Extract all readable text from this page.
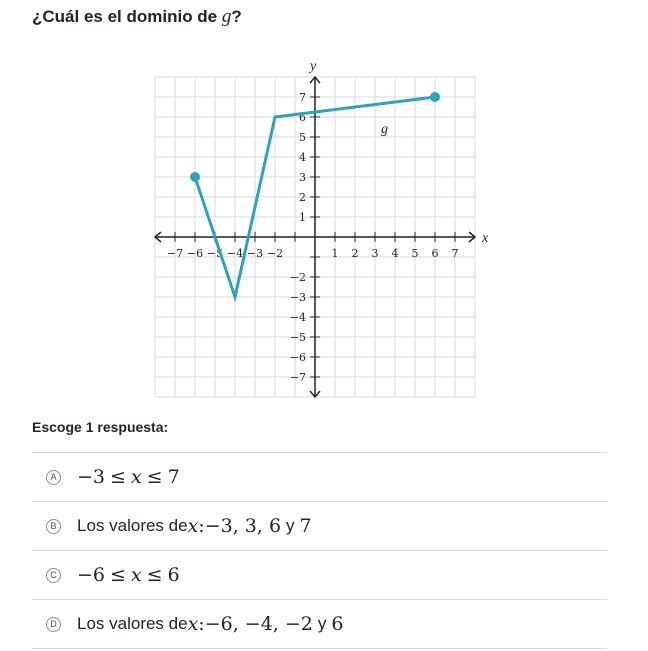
¿Cuál es el dominio de g?
−7 −6 −5 −4 −3 −2	1 2 3 4 5 6 7
7
6
5
4
3
2
1
−2
−3
−4
−5
−6
−7
x
y
g
Escoge 1 respuesta:
A −3 ≤ x ≤ 7
B Los valores de x : −3, 3, 6 y 7
C −6 ≤ x ≤ 6
D Los valores de x : −6, −4, −2 y 6
